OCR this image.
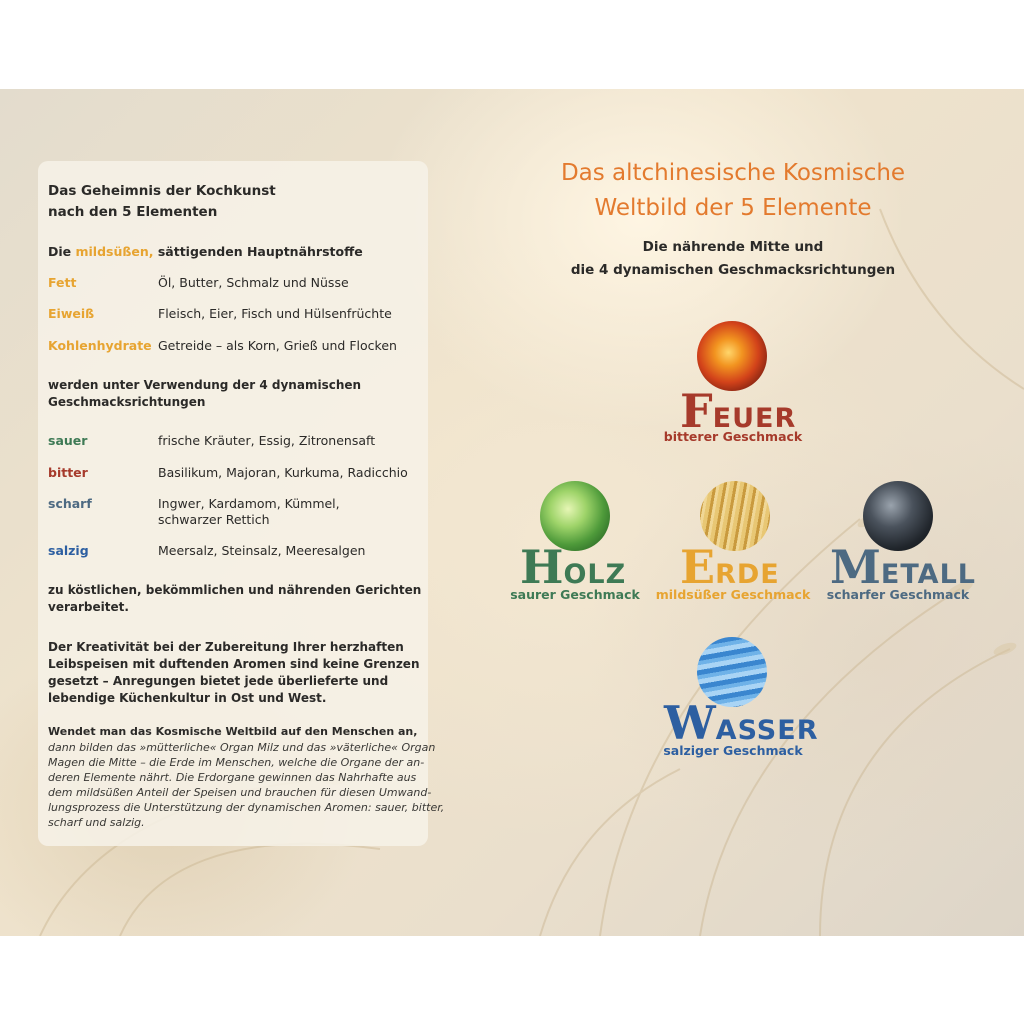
Das Geheimnis der Kochkunst
nach den 5 Elementen
Die mildsüßen, sättigenden Hauptnährstoffe
Fett	Öl, Butter, Schmalz und Nüsse
Eiweiß	Fleisch, Eier, Fisch und Hülsenfrüchte
Kohlenhydrate Getreide – als Korn, Grieß und Flocken
werden unter Verwendung der 4 dynamischen
Geschmacksrichtungen
sauer	frische Kräuter, Essig, Zitronensaft
bitter	Basilikum, Majoran, Kurkuma, Radicchio
scharf	Ingwer, Kardamom, Kümmel,
schwarzer Rettich
salzig	Meersalz, Steinsalz, Meeresalgen
zu köstlichen, bekömmlichen und nährenden Gerichten
verarbeitet.
Der Kreativität bei der Zubereitung Ihrer herzhaften
Leibspeisen mit duftenden Aromen sind keine Grenzen
gesetzt – Anregungen bietet jede überlieferte und
lebendige Küchenkultur in Ost und West.
Wendet man das Kosmische Weltbild auf den Menschen an,
dann bilden das »mütterliche« Organ Milz und das »väterliche« Organ
Magen die Mitte – die Erde im Menschen, welche die Organe der an-
deren Elemente nährt. Die Erdorgane gewinnen das Nahrhafte aus
dem mildsüßen Anteil der Speisen und brauchen für diesen Umwand-
lungsprozess die Unterstützung der dynamischen Aromen: sauer, bitter,
scharf und salzig.
Das altchinesische Kosmische
Weltbild der 5 Elemente
Die nährende Mitte und
die 4 dynamischen Geschmacksrichtungen
FEUER
bitterer Geschmack
HOLZ
saurer Geschmack
ERDE
mildsüßer Geschmack
METALL
scharfer Geschmack
WASSER
salziger Geschmack
